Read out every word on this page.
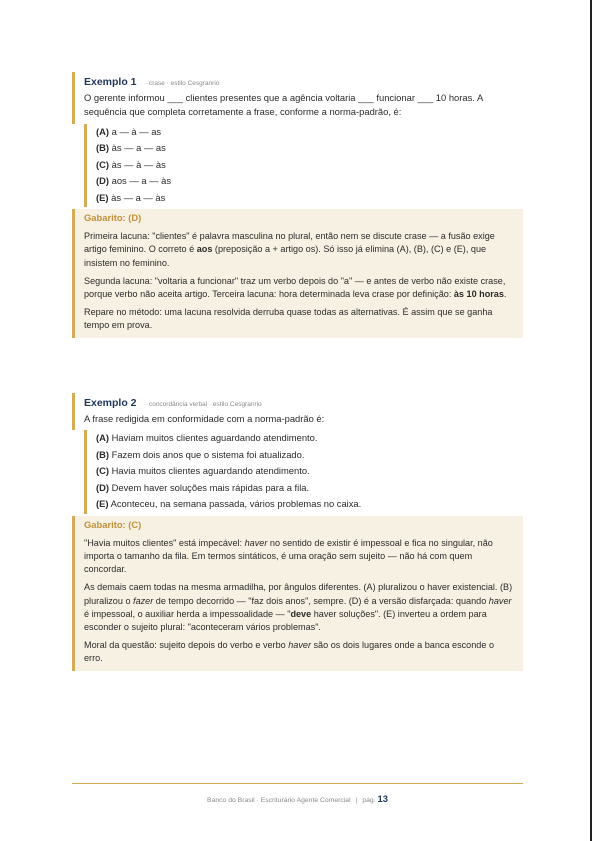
Exemplo 1 · crase · estilo Cesgranrio
O gerente informou ___ clientes presentes que a agência voltaria ___ funcionar ___ 10 horas. A sequência que completa corretamente a frase, conforme a norma-padrão, é:
(A) a — à — as
(B) às — a — as
(C) às — à — às
(D) aos — a — às
(E) às — a — às
Gabarito: (D)
Primeira lacuna: "clientes" é palavra masculina no plural, então nem se discute crase — a fusão exige artigo feminino. O correto é aos (preposição a + artigo os). Só isso já elimina (A), (B), (C) e (E), que insistem no feminino.
Segunda lacuna: "voltaria a funcionar" traz um verbo depois do "a" — e antes de verbo não existe crase, porque verbo não aceita artigo. Terceira lacuna: hora determinada leva crase por definição: às 10 horas.
Repare no método: uma lacuna resolvida derruba quase todas as alternativas. É assim que se ganha tempo em prova.
Exemplo 2 · concordância verbal · estilo Cesgranrio
A frase redigida em conformidade com a norma-padrão é:
(A) Haviam muitos clientes aguardando atendimento.
(B) Fazem dois anos que o sistema foi atualizado.
(C) Havia muitos clientes aguardando atendimento.
(D) Devem haver soluções mais rápidas para a fila.
(E) Aconteceu, na semana passada, vários problemas no caixa.
Gabarito: (C)
"Havia muitos clientes" está impecável: haver no sentido de existir é impessoal e fica no singular, não importa o tamanho da fila. Em termos sintáticos, é uma oração sem sujeito — não há com quem concordar.
As demais caem todas na mesma armadilha, por ângulos diferentes. (A) pluralizou o haver existencial. (B) pluralizou o fazer de tempo decorrido — "faz dois anos", sempre. (D) é a versão disfarçada: quando haver é impessoal, o auxiliar herda a impessoalidade — "deve haver soluções". (E) inverteu a ordem para esconder o sujeito plural: "aconteceram vários problemas".
Moral da questão: sujeito depois do verbo e verbo haver são os dois lugares onde a banca esconde o erro.
Banco do Brasil · Escriturário Agente Comercial | pág. 13
